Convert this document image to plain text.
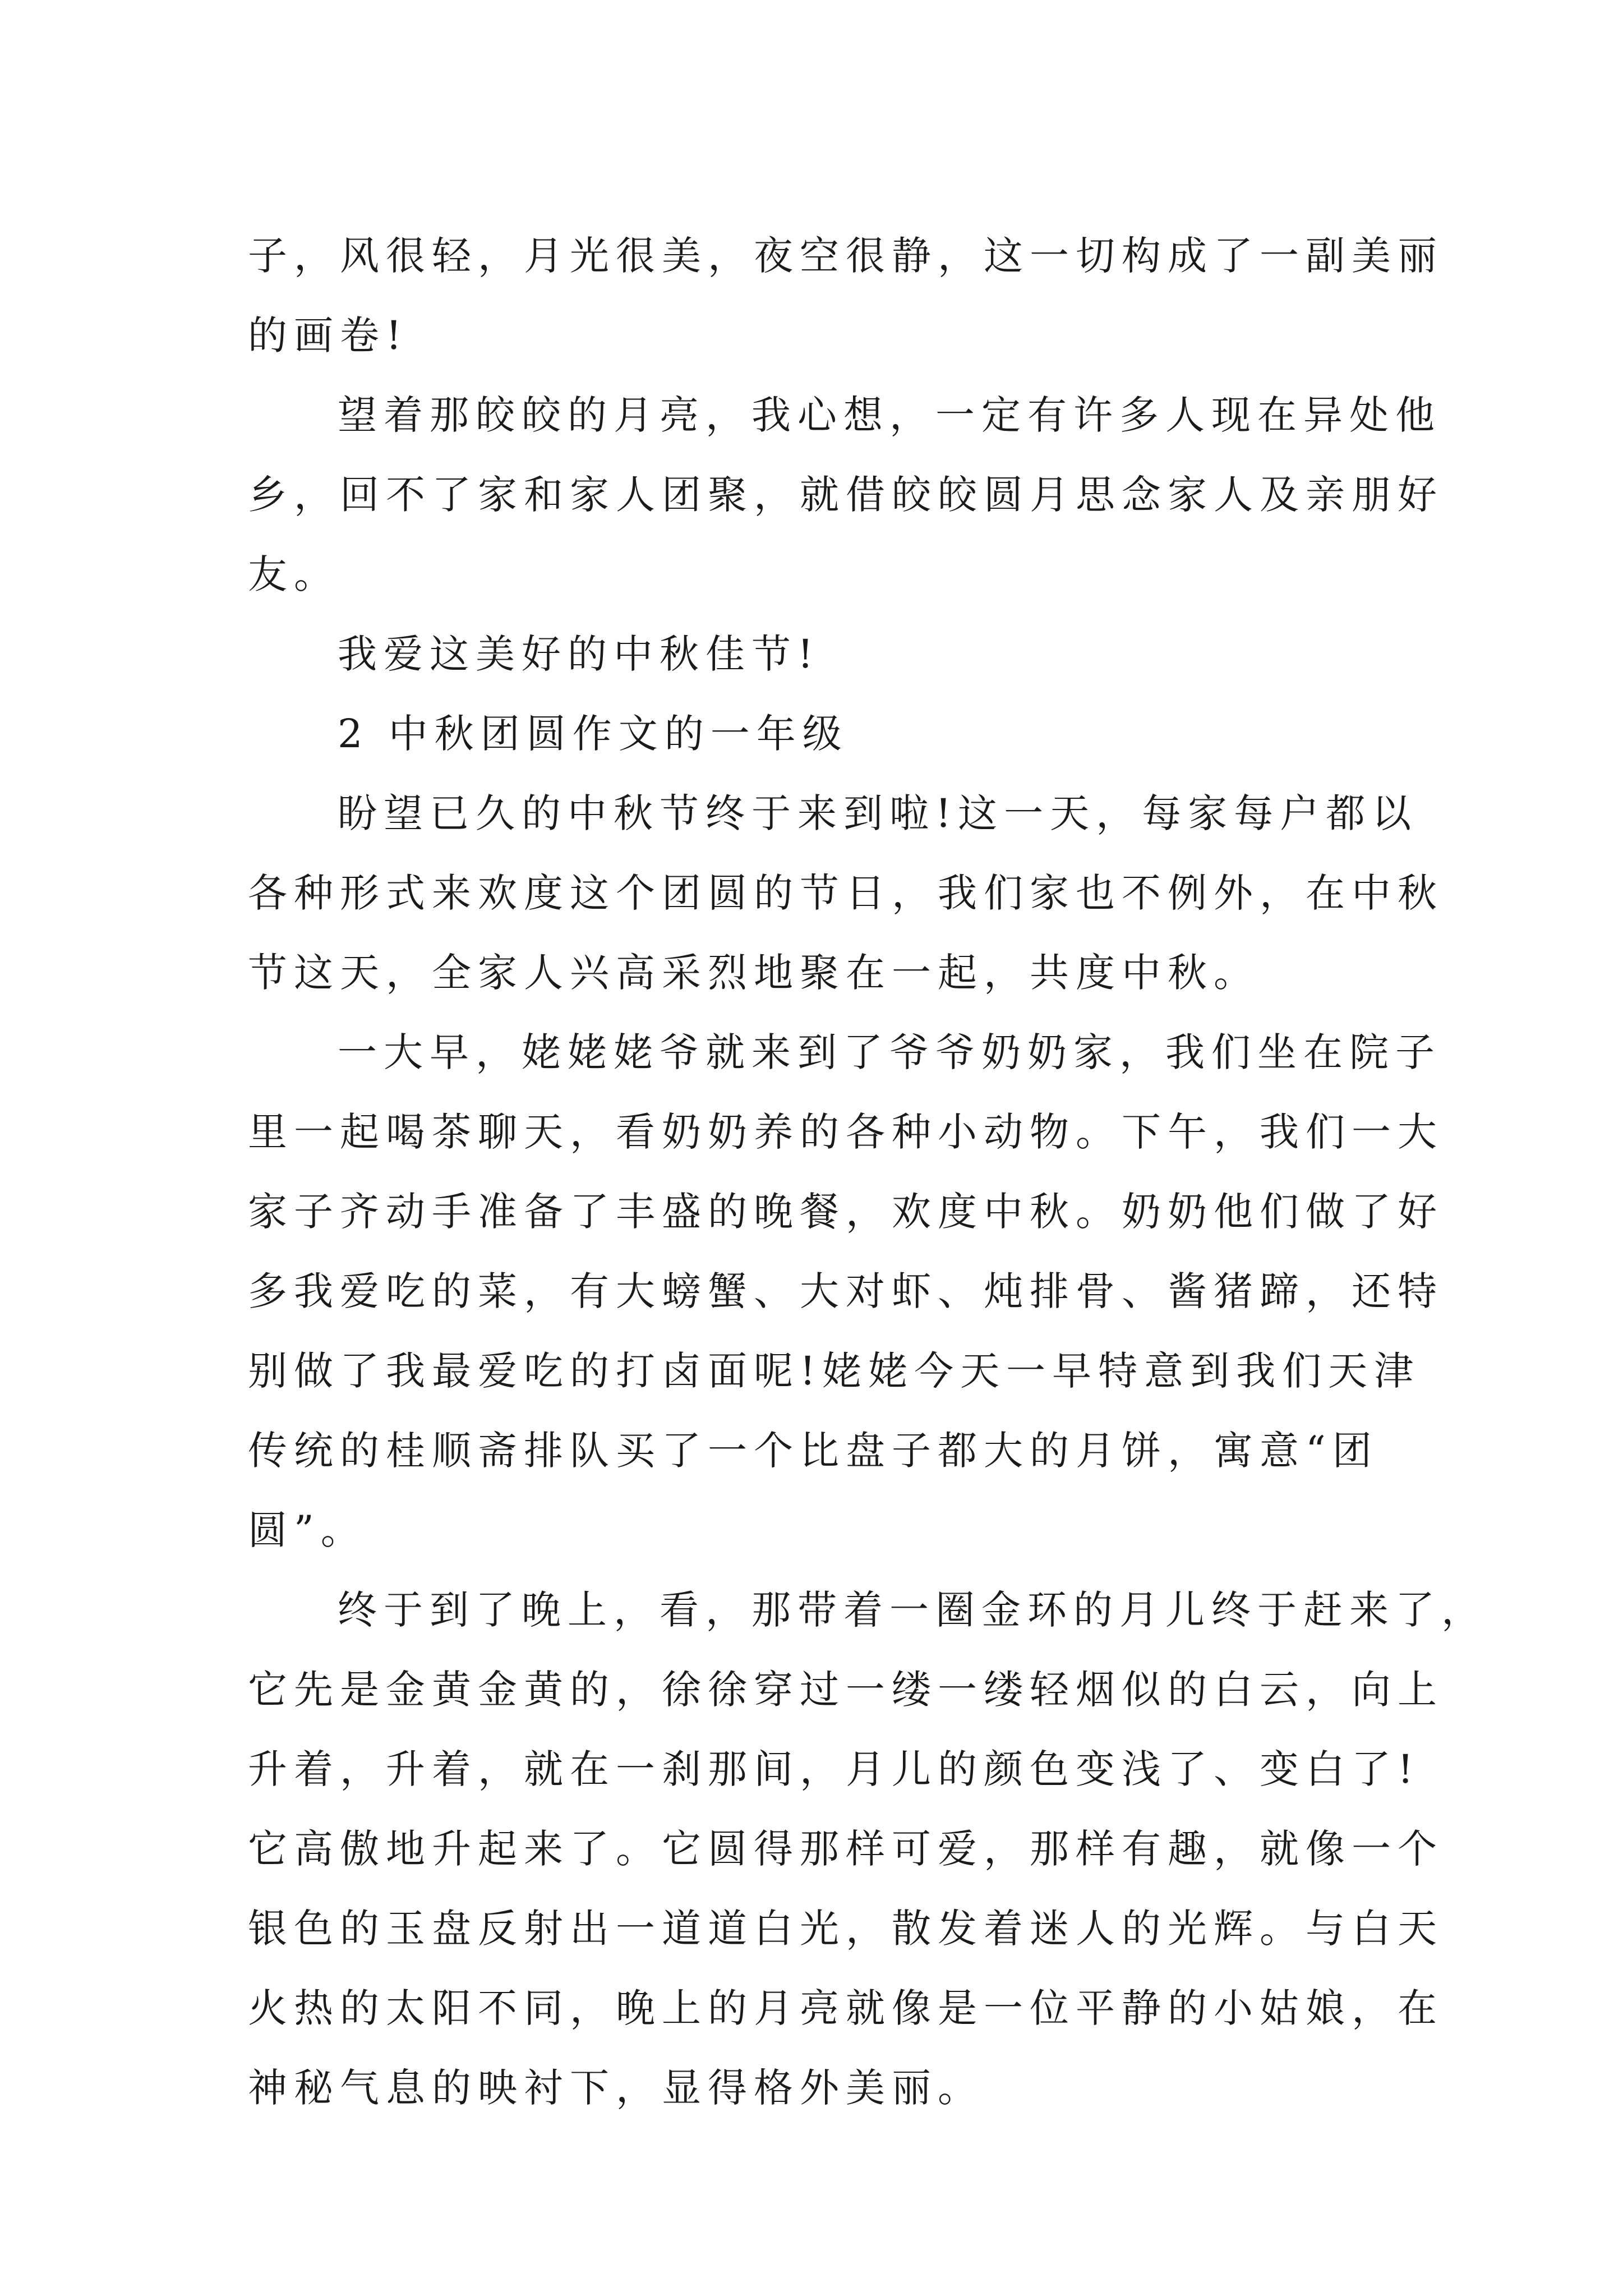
子，风很轻，月光很美，夜空很静，这一切构成了一副美丽
的画卷!
望着那皎皎的月亮，我心想，一定有许多人现在异处他
乡，回不了家和家人团聚，就借皎皎圆月思念家人及亲朋好
友。
我爱这美好的中秋佳节!
2 中秋团圆作文的一年级
盼望已久的中秋节终于来到啦!这一天，每家每户都以
各种形式来欢度这个团圆的节日，我们家也不例外，在中秋
节这天，全家人兴高采烈地聚在一起，共度中秋。
一大早，姥姥姥爷就来到了爷爷奶奶家，我们坐在院子
里一起喝茶聊天，看奶奶养的各种小动物。下午，我们一大
家子齐动手准备了丰盛的晚餐，欢度中秋。奶奶他们做了好
多我爱吃的菜，有大螃蟹、大对虾、炖排骨、酱猪蹄，还特
别做了我最爱吃的打卤面呢!姥姥今天一早特意到我们天津
传统的桂顺斋排队买了一个比盘子都大的月饼，寓意“团
圆”。
终于到了晚上，看，那带着一圈金环的月儿终于赶来了，
它先是金黄金黄的，徐徐穿过一缕一缕轻烟似的白云，向上
升着，升着，就在一刹那间，月儿的颜色变浅了、变白了!
它高傲地升起来了。它圆得那样可爱，那样有趣，就像一个
银色的玉盘反射出一道道白光，散发着迷人的光辉。与白天
火热的太阳不同，晚上的月亮就像是一位平静的小姑娘，在
神秘气息的映衬下，显得格外美丽。
